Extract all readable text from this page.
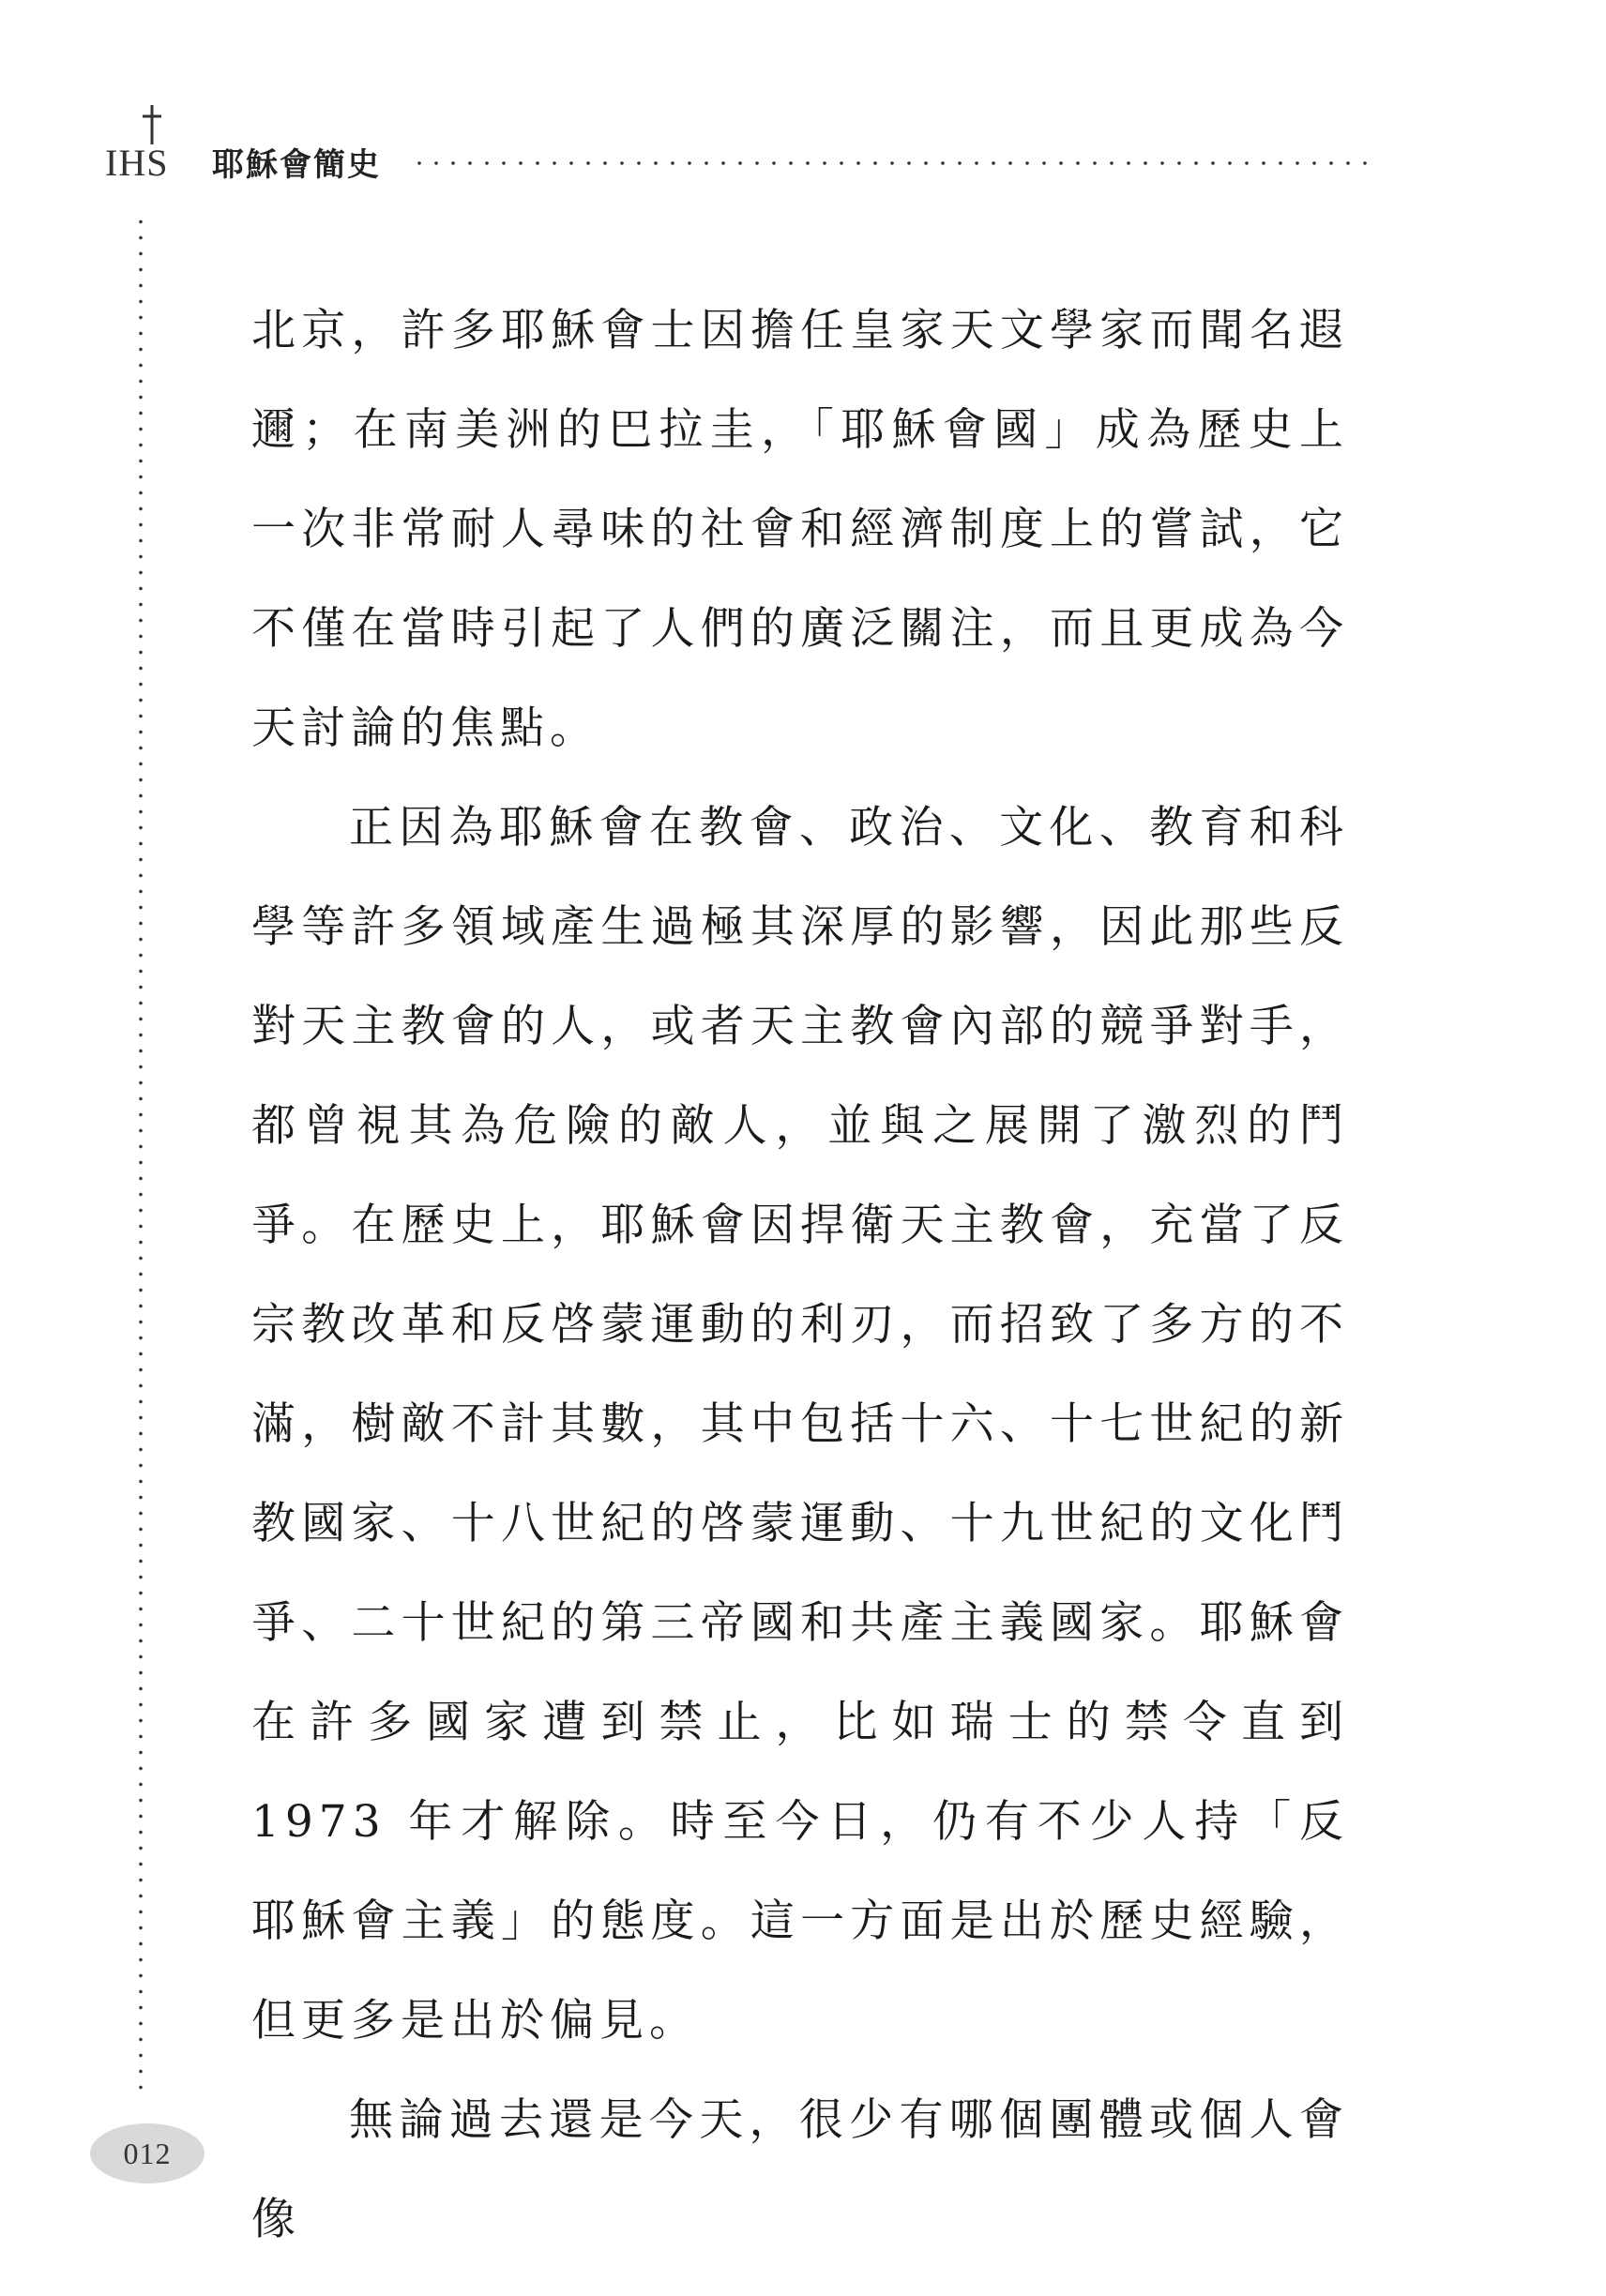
IHS 耶穌會簡史

北京，許多耶穌會士因擔任皇家天文學家而聞名遐邇；在南美洲的巴拉圭，「耶穌會國」成為歷史上一次非常耐人尋味的社會和經濟制度上的嘗試，它不僅在當時引起了人們的廣泛關注，而且更成為今天討論的焦點。

正因為耶穌會在教會、政治、文化、教育和科學等許多領域產生過極其深厚的影響，因此那些反對天主教會的人，或者天主教會內部的競爭對手，都曾視其為危險的敵人，並與之展開了激烈的鬥爭。在歷史上，耶穌會因捍衛天主教會，充當了反宗教改革和反啓蒙運動的利刃，而招致了多方的不滿，樹敵不計其數，其中包括十六、十七世紀的新教國家、十八世紀的啓蒙運動、十九世紀的文化鬥爭、二十世紀的第三帝國和共產主義國家。耶穌會在許多國家遭到禁止，比如瑞士的禁令直到 1973 年才解除。時至今日，仍有不少人持「反耶穌會主義」的態度。這一方面是出於歷史經驗，但更多是出於偏見。

無論過去還是今天，很少有哪個團體或個人會像

012
